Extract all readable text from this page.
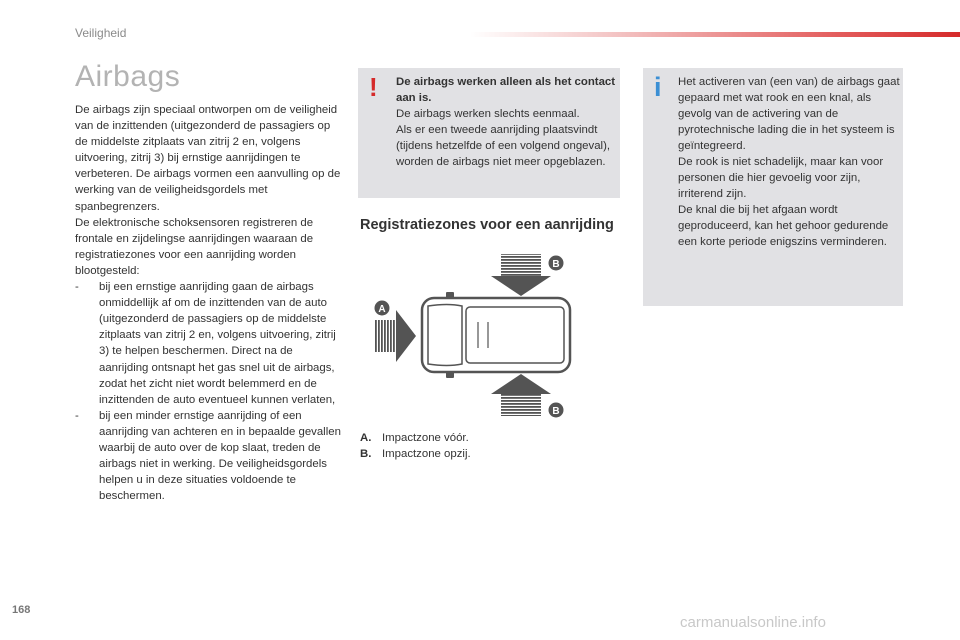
Veiligheid
Airbags

De airbags zijn speciaal ontworpen om de veiligheid van de inzittenden (uitgezonderd de passagiers op de middelste zitplaats van zitrij 2 en, volgens uitvoering, zitrij 3) bij ernstige aanrijdingen te verbeteren. De airbags vormen een aanvulling op de werking van de veiligheidsgordels met spanbegrenzers.

De elektronische schoksensoren registreren de frontale en zijdelingse aanrijdingen waaraan de registratiezones voor een aanrijding worden blootgesteld:

- bij een ernstige aanrijding gaan de airbags onmiddellijk af om de inzittenden van de auto (uitgezonderd de passagiers op de middelste zitplaats van zitrij 2 en, volgens uitvoering, zitrij 3) te helpen beschermen. Direct na de aanrijding ontsnapt het gas snel uit de airbags, zodat het zicht niet wordt belemmerd en de inzittenden de auto eventueel kunnen verlaten,
- bij een minder ernstige aanrijding of een aanrijding van achteren en in bepaalde gevallen waarbij de auto over de kop slaat, treden de airbags niet in werking. De veiligheidsgordels helpen u in deze situaties voldoende te beschermen.
! De airbags werken alleen als het contact aan is.

De airbags werken slechts eenmaal.

Als er een tweede aanrijding plaatsvindt (tijdens hetzelfde of een volgend ongeval), worden de airbags niet meer opgeblazen.

i Het activeren van (een van) de airbags gaat gepaard met wat rook en een knal, als gevolg van de activering van de pyrotechnische lading die in het systeem is geïntegreerd.

De rook is niet schadelijk, maar kan voor personen die hier gevoelig voor zijn, irriterend zijn.

De knal die bij het afgaan wordt geproduceerd, kan het gehoor gedurende een korte periode enigszins verminderen.

Registratiezones voor een aanrijding
B
B
A
A. Impactzone vóór.
B. Impactzone opzij.
168
carmanualsonline.info
